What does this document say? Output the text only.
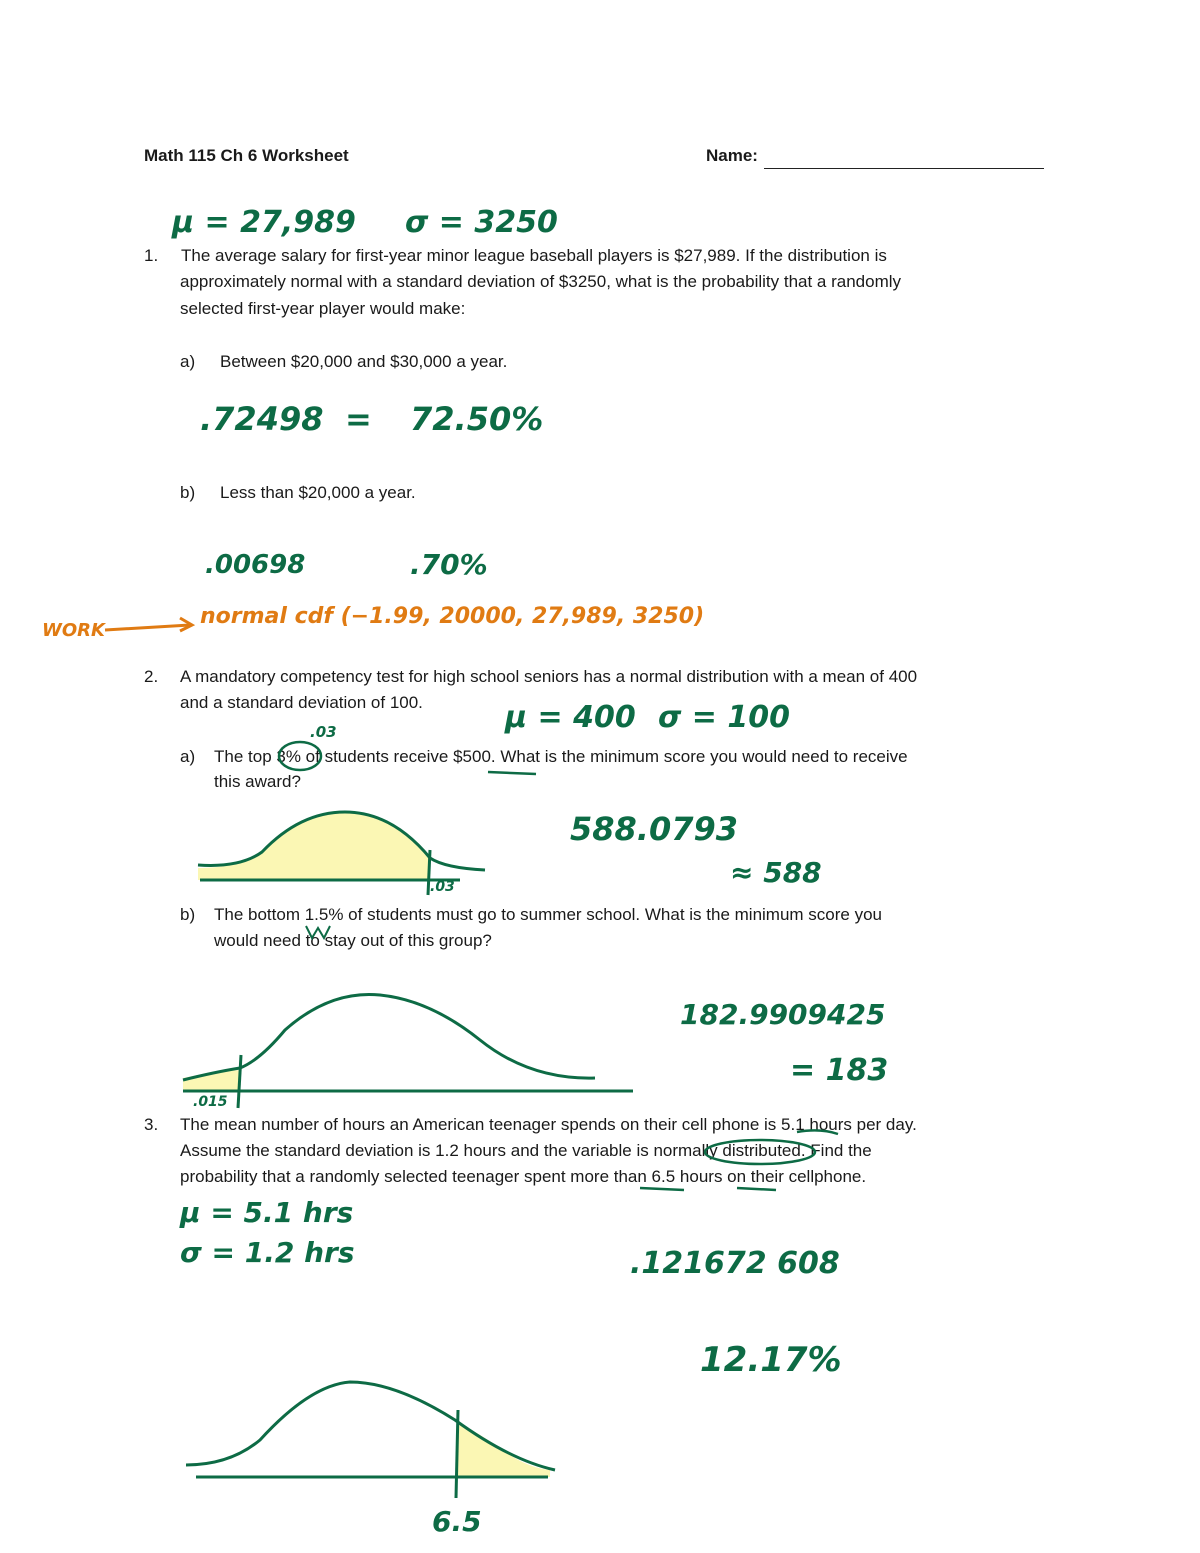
Math 115 Ch 6 Worksheet	Name:
μ = 27,989 σ = 3250
1. The average salary for first-year minor league baseball players is $27,989. If the distribution is
approximately normal with a standard deviation of $3250, what is the probability that a randomly
selected first-year player would make:
a) Between $20,000 and $30,000 a year.
.72498 = 72.50%
b) Less than $20,000 a year.
.00698	.70%
WORK
normal cdf (−1.99, 20000, 27,989, 3250)
2. A mandatory competency test for high school seniors has a normal distribution with a mean of 400
and a standard deviation of 100.	μ = 400 σ = 100
.03
a) The top 3% of students receive $500. What is the minimum score you would need to receive
this award?
588.0793
≈ 588
.03
b) The bottom 1.5% of students must go to summer school. What is the minimum score you
would need to stay out of this group?
182.9909425
= 183
.015
3. The mean number of hours an American teenager spends on their cell phone is 5.1 hours per day.
Assume the standard deviation is 1.2 hours and the variable is normally distributed. Find the
probability that a randomly selected teenager spent more than 6.5 hours on their cellphone.
μ = 5.1 hrs
σ = 1.2 hrs	.121672 608
12.17%
6.5
